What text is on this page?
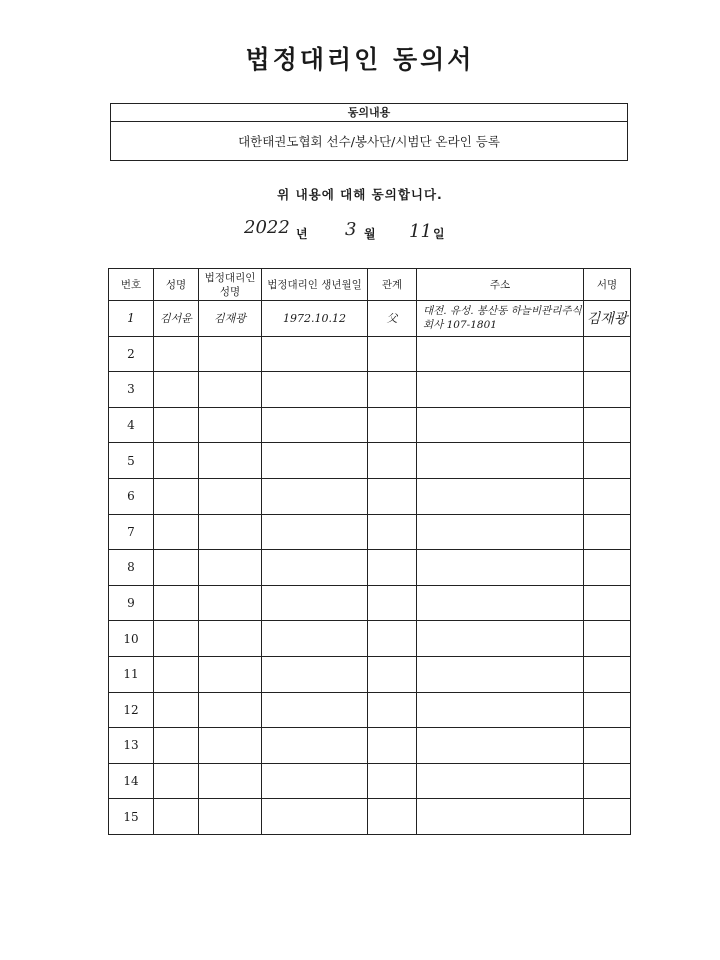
법정대리인 동의서
동의내용
대한태권도협회 선수/봉사단/시범단 온라인 등록
위 내용에 대해 동의합니다.
2022 년 3 월 11 일
번호	성명	법정대리인 성명	법정대리인 생년월일	관계	주소	서명
1	김서윤	김재광	1972.10.12	父	대전. 유성. 봉산동 하늘비관리주식회사 107-1801	김재광
2						
3						
4						
5						
6						
7						
8						
9						
10						
11						
12						
13						
14						
15						
